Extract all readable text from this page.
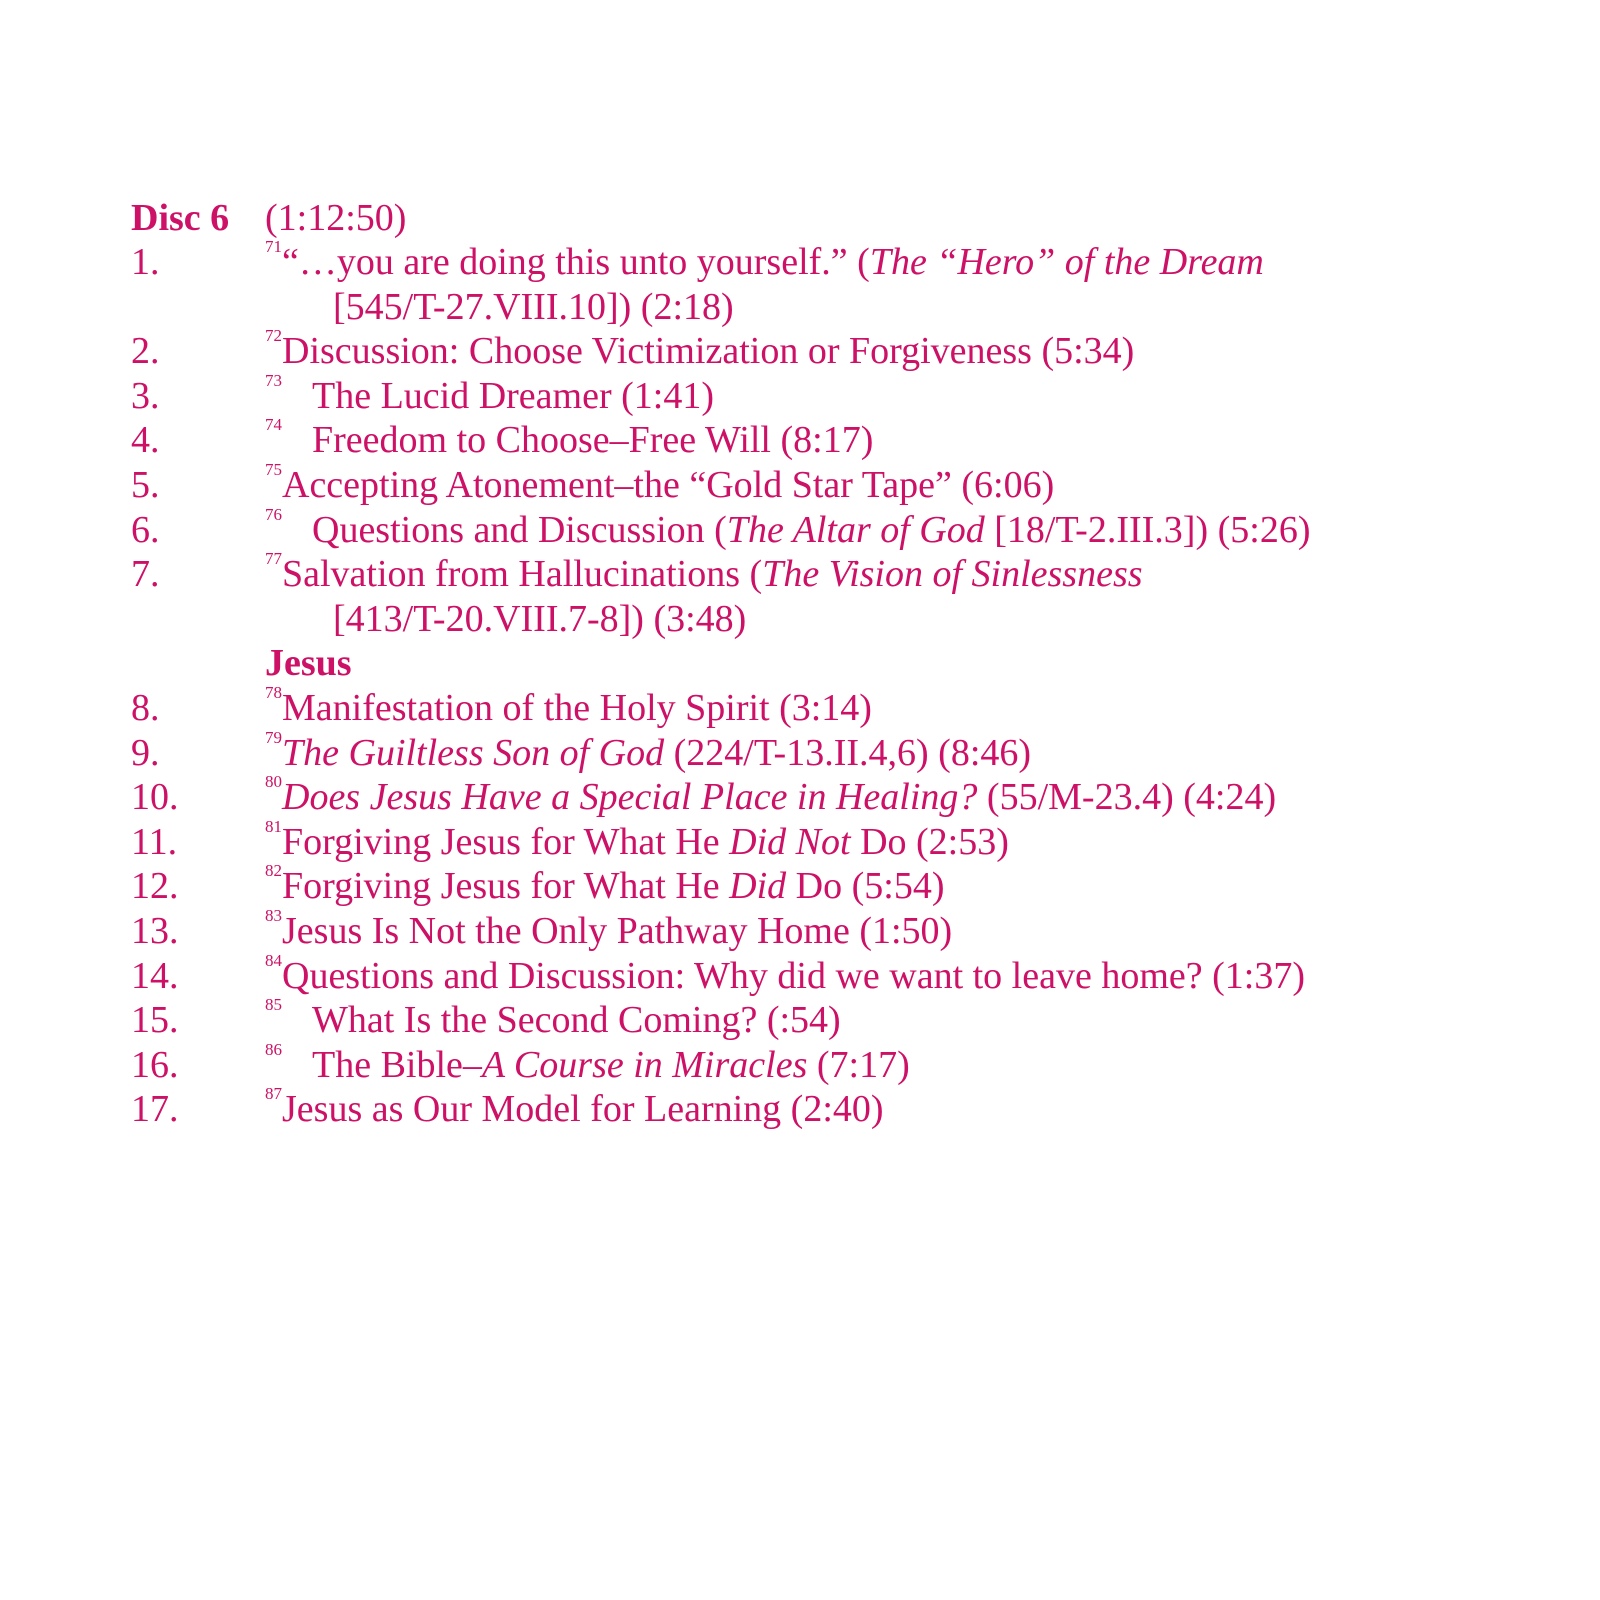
Disc 6 (1:12:50)
1.	$^{71}$“…you are doing this unto yourself.” (The “Hero” of the Dream
[545/T-27.VIII.10]) (2:18)
2.	$^{72}$Discussion: Choose Victimization or Forgiveness (5:34)
3.	$^{73}$ The Lucid Dreamer (1:41)
4.	$^{74}$ Freedom to Choose–Free Will (8:17)
5.	$^{75}$Accepting Atonement–the “Gold Star Tape” (6:06)
6.	$^{76}$ Questions and Discussion (The Altar of God [18/T-2.III.3]) (5:26)
7.	$^{77}$Salvation from Hallucinations (The Vision of Sinlessness
[413/T-20.VIII.7-8]) (3:48)
Jesus
8.	$^{78}$Manifestation of the Holy Spirit (3:14)
9.	$^{79}$The Guiltless Son of God (224/T-13.II.4,6) (8:46)
10.	$^{80}$Does Jesus Have a Special Place in Healing? (55/M-23.4) (4:24)
11.	$^{81}$Forgiving Jesus for What He Did Not Do (2:53)
12.	$^{82}$Forgiving Jesus for What He Did Do (5:54)
13.	$^{83}$Jesus Is Not the Only Pathway Home (1:50)
14.	$^{84}$Questions and Discussion: Why did we want to leave home? (1:37)
15.	$^{85}$ What Is the Second Coming? (:54)
16.	$^{86}$ The Bible–A Course in Miracles (7:17)
17.	$^{87}$Jesus as Our Model for Learning (2:40)
